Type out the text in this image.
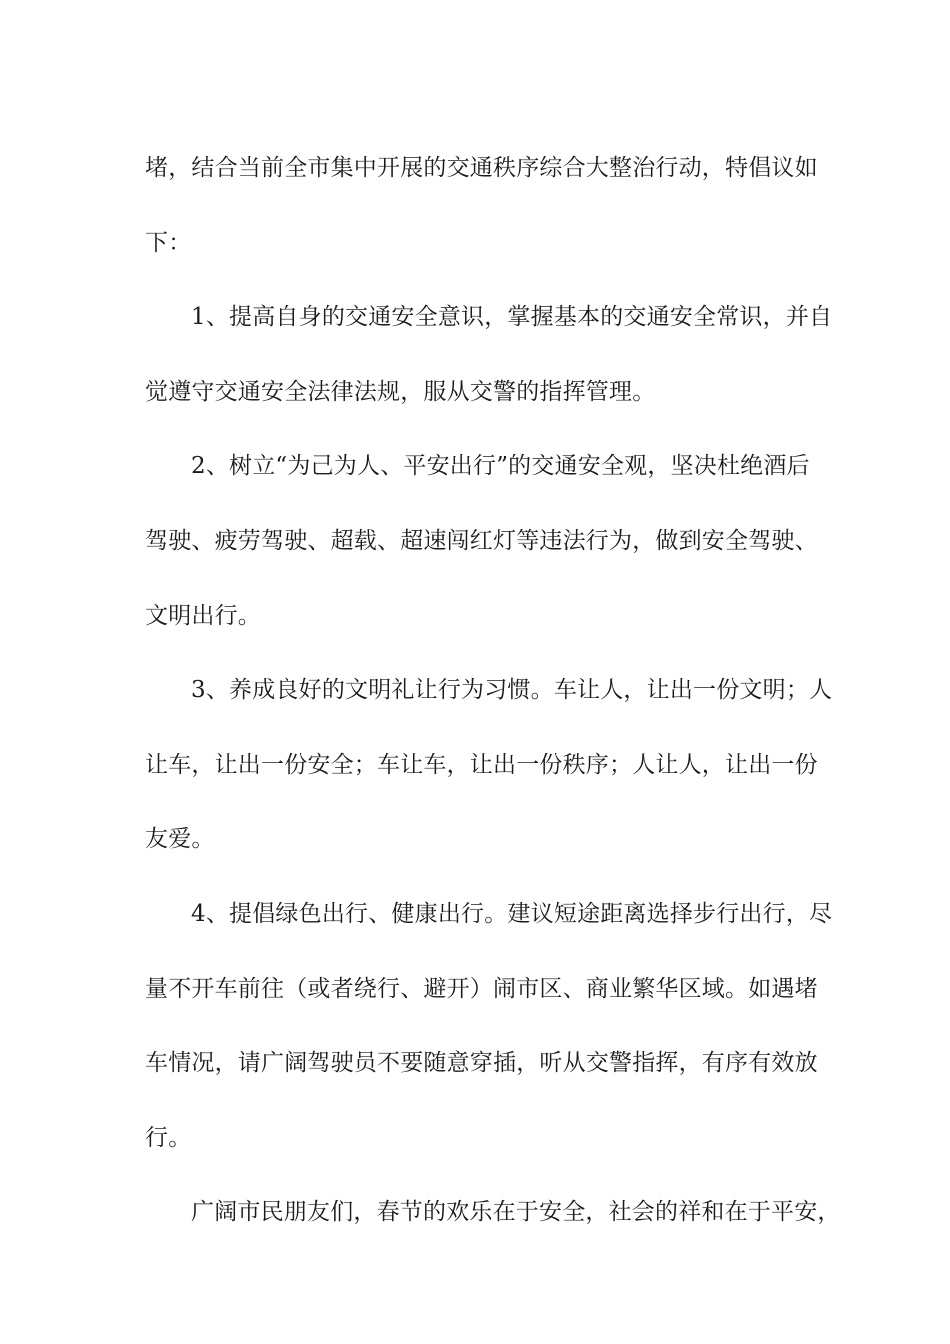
堵，结合当前全市集中开展的交通秩序综合大整治行动，特倡议如

下：

1、提高自身的交通安全意识，掌握基本的交通安全常识，并自

觉遵守交通安全法律法规，服从交警的指挥管理。

2、树立“为己为人、平安出行”的交通安全观，坚决杜绝酒后

驾驶、疲劳驾驶、超载、超速闯红灯等违法行为，做到安全驾驶、

文明出行。

3、养成良好的文明礼让行为习惯。车让人，让出一份文明；人

让车，让出一份安全；车让车，让出一份秩序；人让人，让出一份

友爱。

4、提倡绿色出行、健康出行。建议短途距离选择步行出行，尽

量不开车前往（或者绕行、避开）闹市区、商业繁华区域。如遇堵

车情况，请广阔驾驶员不要随意穿插，听从交警指挥，有序有效放

行。

广阔市民朋友们，春节的欢乐在于安全，社会的祥和在于平安，
